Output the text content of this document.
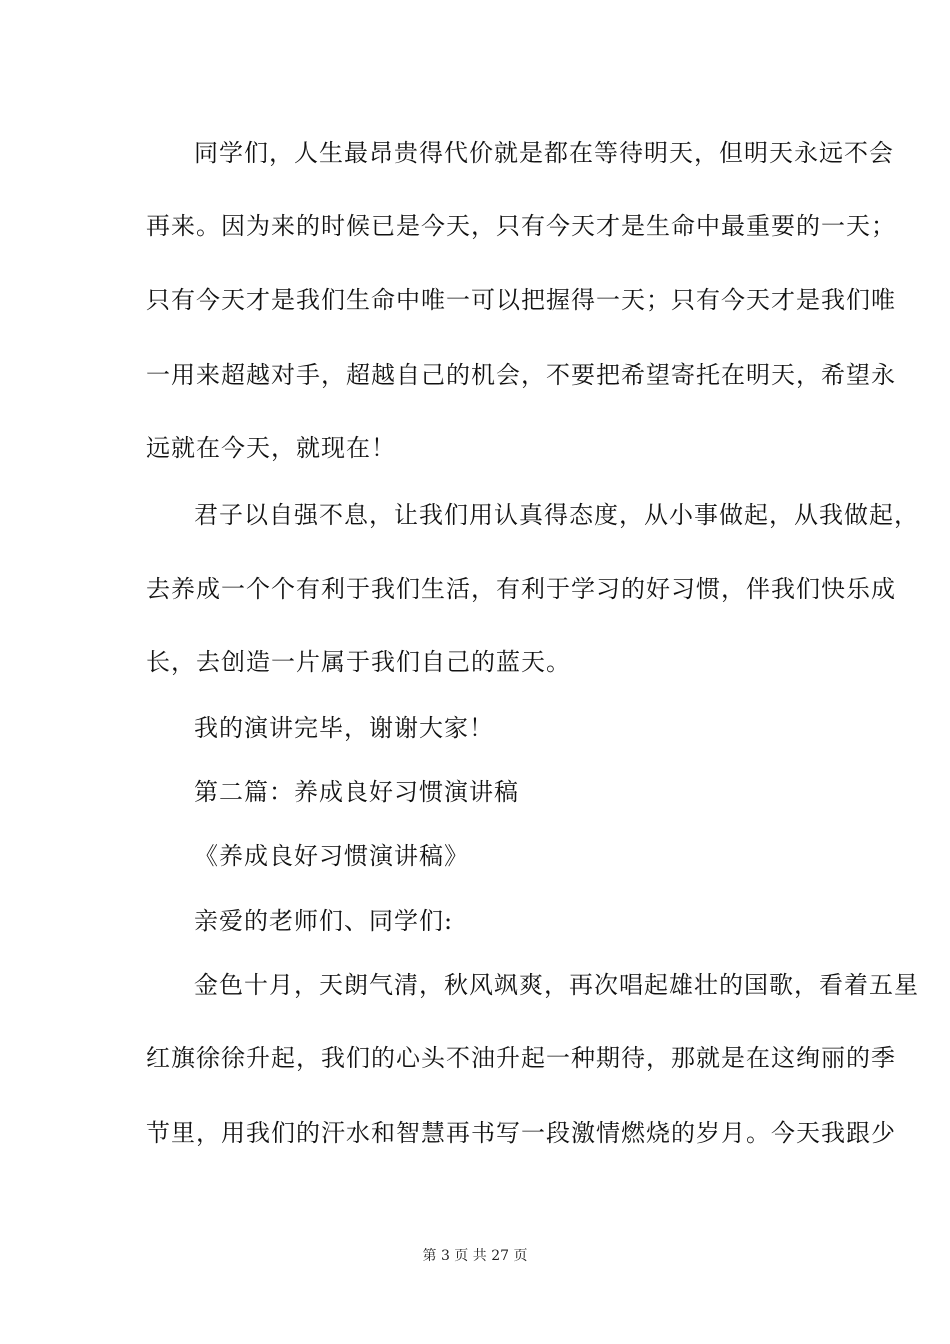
同学们，人生最昂贵得代价就是都在等待明天，但明天永远不会
再来。因为来的时候已是今天，只有今天才是生命中最重要的一天；
只有今天才是我们生命中唯一可以把握得一天；只有今天才是我们唯
一用来超越对手，超越自己的机会，不要把希望寄托在明天，希望永
远就在今天，就现在！
君子以自强不息，让我们用认真得态度，从小事做起，从我做起，
去养成一个个有利于我们生活，有利于学习的好习惯，伴我们快乐成
长，去创造一片属于我们自己的蓝天。
我的演讲完毕，谢谢大家！
第二篇：养成良好习惯演讲稿
《养成良好习惯演讲稿》
亲爱的老师们、同学们:
金色十月，天朗气清，秋风飒爽，再次唱起雄壮的国歌，看着五星
红旗徐徐升起，我们的心头不油升起一种期待，那就是在这绚丽的季
节里，用我们的汗水和智慧再书写一段激情燃烧的岁月。今天我跟少
第 3 页 共 27 页
